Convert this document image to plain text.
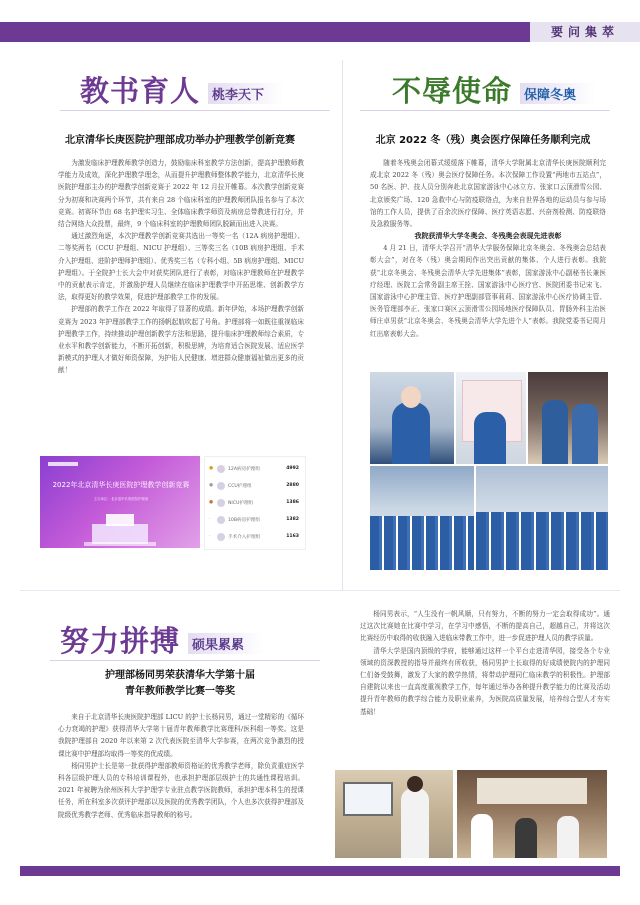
要问集萃
教书育人 桃李天下
北京清华长庚医院护理部成功举办护理教学创新竞赛

为激发临床护理教师教学创造力，鼓励临床科室教学方法创新，提高护理教师教学能力及成效，深化护理教学理念，从而提升护理教师整体教学能力，北京清华长庚医院护理部主办的护理教学创新竞赛于 2022 年 12 月拉开帷幕。本次教学创新竞赛分为初赛和决赛两个环节，共有来自 28 个临床科室的护理教师团队报名参与了本次竞赛。初赛环节由 68 名护理实习生、全体临床教学师资及病房总带教进行打分，并结合网络大众投票，最终，9 个临床科室的护理教师团队脱颖而出进入决赛。

通过激烈角逐，本次护理教学创新竞赛共选出一等奖一名（12A 病房护理组）、二等奖两名（CCU 护理组、NICU 护理组）、三等奖三名（10B 病房护理组、手术介入护理组、进阶护理师护理组）、优秀奖三名（专科小组、5B 病房护理组、MICU 护理组）。于全院护士长大会中对获奖团队进行了表彰，对临床护理教师在护理教学中的贡献表示肯定，并激励护理人员继续在临床护理教学中开拓思维、创新教学方法，取得更好的教学效果，促进护理部教学工作的发展。

护理部的教学工作在 2022 年取得了显著的成绩。新年伊始，本场护理教学创新竞赛为 2023 年护理部教学工作的扬帆起航吹起了号角。护理部将一如既往重视临床护理教学工作，持续推动护理创新教学方法和思路，提升临床护理教师综合素质，专业水平和教学创新能力，不断开拓创新，积极思辨，为培育适合医院发展、适应医学新模式的护理人才做好师资保障，为护佑人民健康、增进群众健康福祉做出更多的贡献！

2022年北京清华长庚医院护理教学创新竞赛
主办单位：北京清华长庚医院护理部
●	12A病房护理组	4992
●	CCU护理组	2880
●	NICU护理组	1386
·	10B病房护理组	1382
·	手术介入护理组	1163
不辱使命 保障冬奥
北京 2022 冬（残）奥会医疗保障任务顺利完成

随着冬残奥会闭幕式缓缓落下帷幕，清华大学附属北京清华长庚医院顺利完成北京 2022 冬（残）奥会医疗保障任务。本次保障工作设置“两地市五站点”，50 名医、护、技人员分别奔赴北京国家游泳中心冰立方、张家口云顶滑雪公园、北京颁奖广场、120 急救中心与防疫联络点，为来自世界各地的运动员与参与场馆的工作人员，提供了百余次医疗保障、医疗英语志愿、兴奋剂检测、防疫联络及急救服务等。

我院获清华大学冬奥会、冬残奥会表现先进表彰

4 月 21 日，清华大学召开“清华大学服务保障北京冬奥会、冬残奥会总结表彰大会”，对在冬（残）奥会期间作出突出贡献的集体、个人进行表彰。我院获“北京冬奥会、冬残奥会清华大学先进集体”表彰，国家游泳中心副秘书长兼医疗经理、医院工会常务副主席王拴、国家游泳中心医疗官、医院团委书记宋飞、国家游泳中心护理主管、医疗护理副部管事莉莉、国家游泳中心医疗协调主管、医务管理部李正、张家口赛区云顶滑雪公园场地医疗保障队员、胃肠外科主治医师庄卓男获“北京冬奥会、冬残奥会清华大学先进个人”表彰。我院党委书记周月红出席表彰大会。

努力拼搏 硕果累累
护理部杨同男荣获清华大学第十届
青年教师教学比赛一等奖

来自于北京清华长庚医院护理部 LICU 的护士长杨同男，通过一堂精彩的《循环心力衰竭的护理》获得清华大学第十届青年教师教学比赛理科/医科组一等奖。这是我院护理部自 2020 年以来第 2 次代表医院至清华大学参赛，在两次竞争激烈的授课比赛中护理部均取得一等奖的优成绩。

杨同男护士长是第一批获得护理部教师资格证的优秀教学老师，除负责重症医学科各层级护理人员的专科培训课程外，也承担护理部层级护士的共通性课程培训。2021 年被聘为徐州医科大学护理学专业驻点教学医院教师，承担护理本科生的授课任务，所在科室多次获评护理部以及医院的优秀教学团队，个人也多次获得护理部及院级优秀教学老师、优秀临床指导教师的称号。

杨同男表示，“人生没有一帆风顺，只有努力，不断的努力一定会取得成功”。通过这次比赛她在比赛中学习，在学习中感悟，不断的提高自己，超越自己，并将这次比赛经历中取得的收获融入进临床带教工作中，进一步促进护理人员的教学质量。

清华大学是国内顶级的学府，能够通过这样一个平台走进清华园，接受各个专业领域的资深教授的指导并最终有所收获，杨同男护士长取得的好成绩使院内的护理同仁们备受鼓舞，激发了大家的教学热情，将带动护理同仁临床教学的积极性。护理部自建院以来也一直高度重视教学工作，每年通过举办各种提升教学能力的比赛及活动提升青年教师的教学综合能力及职业素养，为医院高质量发展，培养综合型人才夯实基础！
